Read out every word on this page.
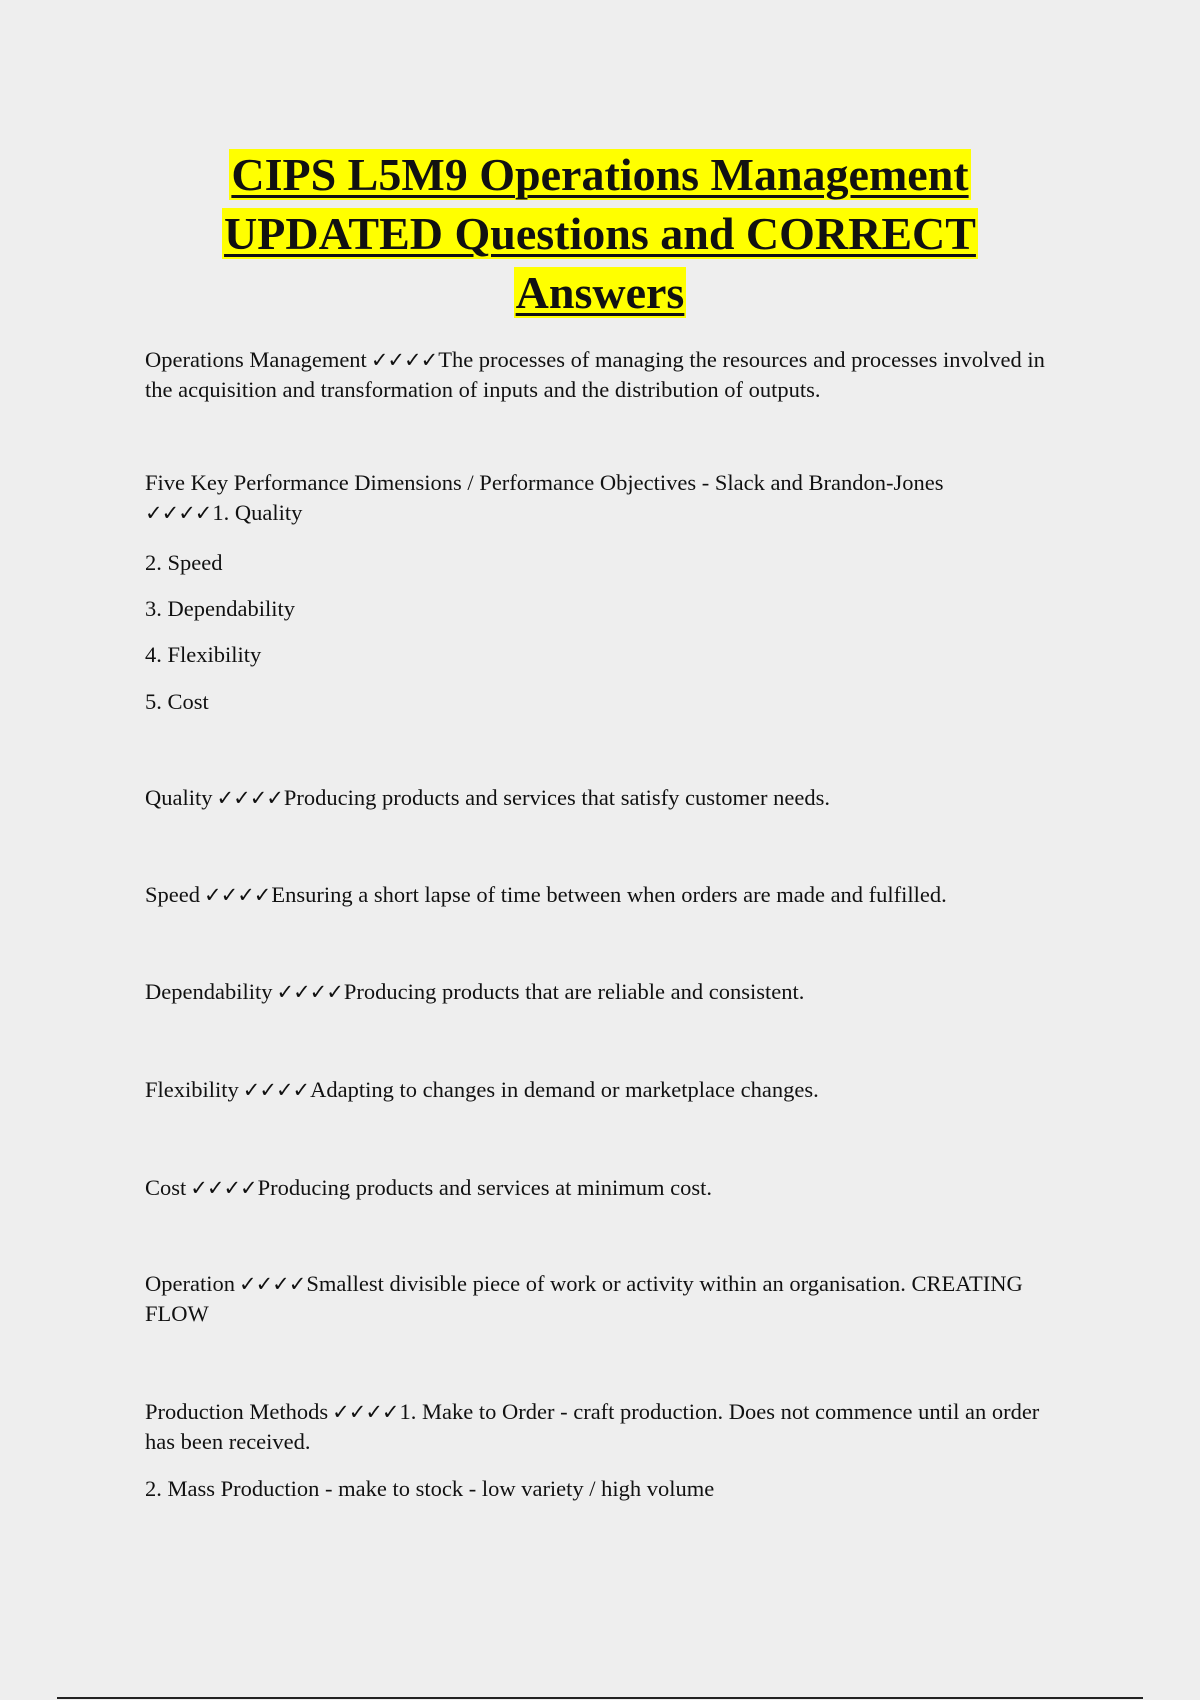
CIPS L5M9 Operations Management
UPDATED Questions and CORRECT
Answers

Operations Management ✓✓✓✓The processes of managing the resources and processes involved in the acquisition and transformation of inputs and the distribution of outputs.

Five Key Performance Dimensions / Performance Objectives - Slack and Brandon-Jones
✓✓✓✓1. Quality

2. Speed

3. Dependability

4. Flexibility

5. Cost

Quality ✓✓✓✓Producing products and services that satisfy customer needs.

Speed ✓✓✓✓Ensuring a short lapse of time between when orders are made and fulfilled.

Dependability ✓✓✓✓Producing products that are reliable and consistent.

Flexibility ✓✓✓✓Adapting to changes in demand or marketplace changes.

Cost ✓✓✓✓Producing products and services at minimum cost.

Operation ✓✓✓✓Smallest divisible piece of work or activity within an organisation. CREATING FLOW

Production Methods ✓✓✓✓1. Make to Order - craft production. Does not commence until an order has been received.

2. Mass Production - make to stock - low variety / high volume
